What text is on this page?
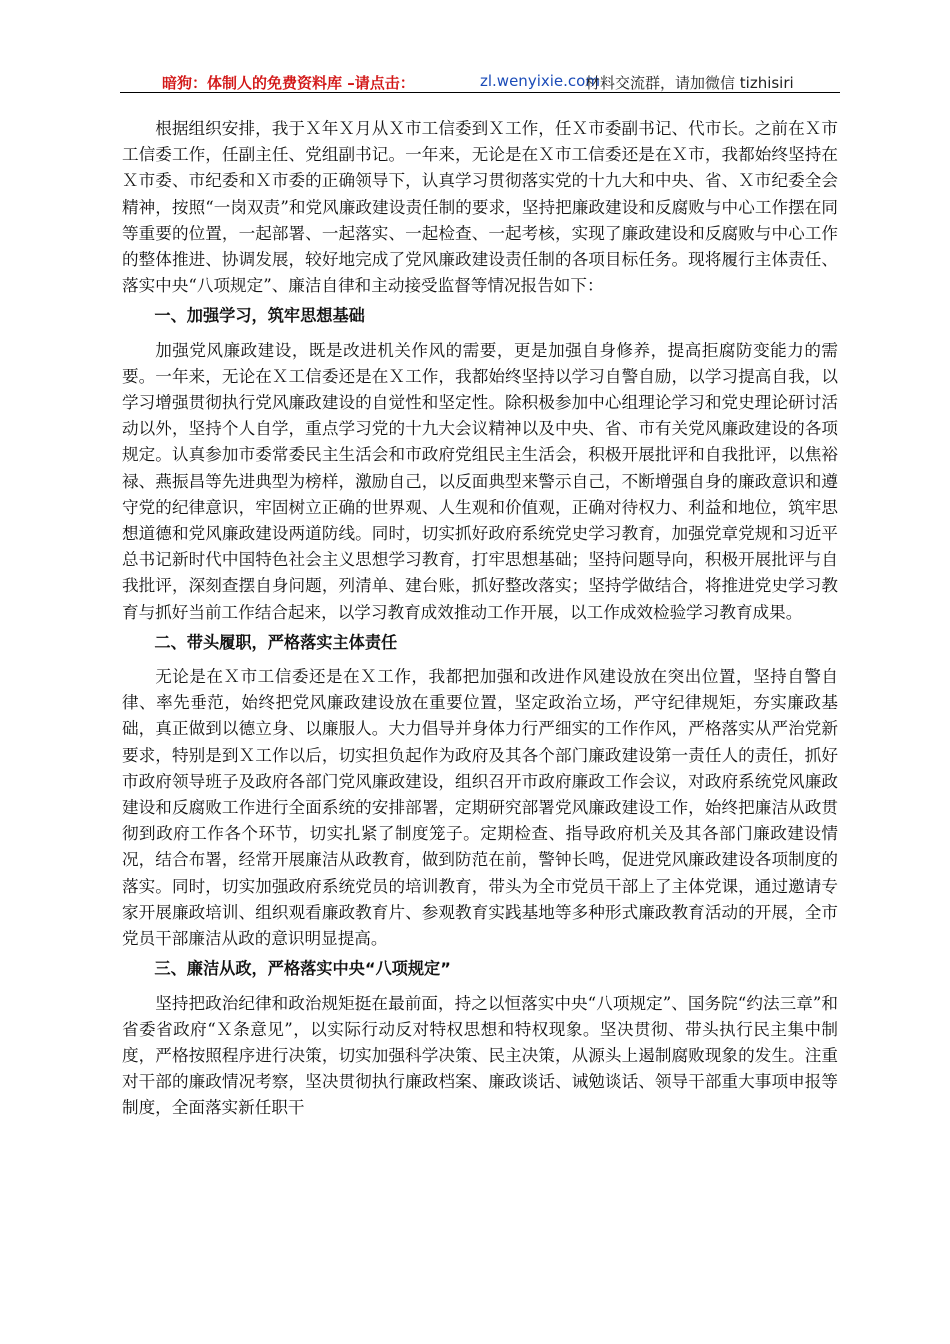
暗狗：体制人的免费资料库 –请点击：	zl.wenyixie.com
材料交流群，请加微信 tizhisiri

根据组织安排，我于Ｘ年Ｘ月从Ｘ市工信委到Ｘ工作，任Ｘ市委副书记、代市长。之前在Ｘ市工信委工作，任副主任、党组副书记。一年来，无论是在Ｘ市工信委还是在Ｘ市，我都始终坚持在Ｘ市委、市纪委和Ｘ市委的正确领导下，认真学习贯彻落实党的十九大和中央、省、Ｘ市纪委全会精神，按照“一岗双责”和党风廉政建设责任制的要求，坚持把廉政建设和反腐败与中心工作摆在同等重要的位置，一起部署、一起落实、一起检查、一起考核，实现了廉政建设和反腐败与中心工作的整体推进、协调发展，较好地完成了党风廉政建设责任制的各项目标任务。现将履行主体责任、落实中央“八项规定”、廉洁自律和主动接受监督等情况报告如下：

一、加强学习，筑牢思想基础

加强党风廉政建设，既是改进机关作风的需要，更是加强自身修养，提高拒腐防变能力的需要。一年来，无论在Ｘ工信委还是在Ｘ工作，我都始终坚持以学习自警自励，以学习提高自我，以学习增强贯彻执行党风廉政建设的自觉性和坚定性。除积极参加中心组理论学习和党史理论研讨活动以外，坚持个人自学，重点学习党的十九大会议精神以及中央、省、市有关党风廉政建设的各项规定。认真参加市委常委民主生活会和市政府党组民主生活会，积极开展批评和自我批评，以焦裕禄、燕振昌等先进典型为榜样，激励自己，以反面典型来警示自己，不断增强自身的廉政意识和遵守党的纪律意识，牢固树立正确的世界观、人生观和价值观，正确对待权力、利益和地位，筑牢思想道德和党风廉政建设两道防线。同时，切实抓好政府系统党史学习教育，加强党章党规和习近平总书记新时代中国特色社会主义思想学习教育，打牢思想基础；坚持问题导向，积极开展批评与自我批评，深刻查摆自身问题，列清单、建台账，抓好整改落实；坚持学做结合，将推进党史学习教育与抓好当前工作结合起来，以学习教育成效推动工作开展，以工作成效检验学习教育成果。

二、带头履职，严格落实主体责任

无论是在Ｘ市工信委还是在Ｘ工作，我都把加强和改进作风建设放在突出位置，坚持自警自律、率先垂范，始终把党风廉政建设放在重要位置，坚定政治立场，严守纪律规矩，夯实廉政基础，真正做到以德立身、以廉服人。大力倡导并身体力行严细实的工作作风，严格落实从严治党新要求，特别是到Ｘ工作以后，切实担负起作为政府及其各个部门廉政建设第一责任人的责任，抓好市政府领导班子及政府各部门党风廉政建设，组织召开市政府廉政工作会议，对政府系统党风廉政建设和反腐败工作进行全面系统的安排部署，定期研究部署党风廉政建设工作，始终把廉洁从政贯彻到政府工作各个环节，切实扎紧了制度笼子。定期检查、指导政府机关及其各部门廉政建设情况，结合布署，经常开展廉洁从政教育，做到防范在前，警钟长鸣，促进党风廉政建设各项制度的落实。同时，切实加强政府系统党员的培训教育，带头为全市党员干部上了主体党课，通过邀请专家开展廉政培训、组织观看廉政教育片、参观教育实践基地等多种形式廉政教育活动的开展，全市党员干部廉洁从政的意识明显提高。

三、廉洁从政，严格落实中央“八项规定”

坚持把政治纪律和政治规矩挺在最前面，持之以恒落实中央“八项规定”、国务院“约法三章”和省委省政府“Ｘ条意见”，以实际行动反对特权思想和特权现象。坚决贯彻、带头执行民主集中制度，严格按照程序进行决策，切实加强科学决策、民主决策，从源头上遏制腐败现象的发生。注重对干部的廉政情况考察，坚决贯彻执行廉政档案、廉政谈话、诫勉谈话、领导干部重大事项申报等制度，全面落实新任职干
